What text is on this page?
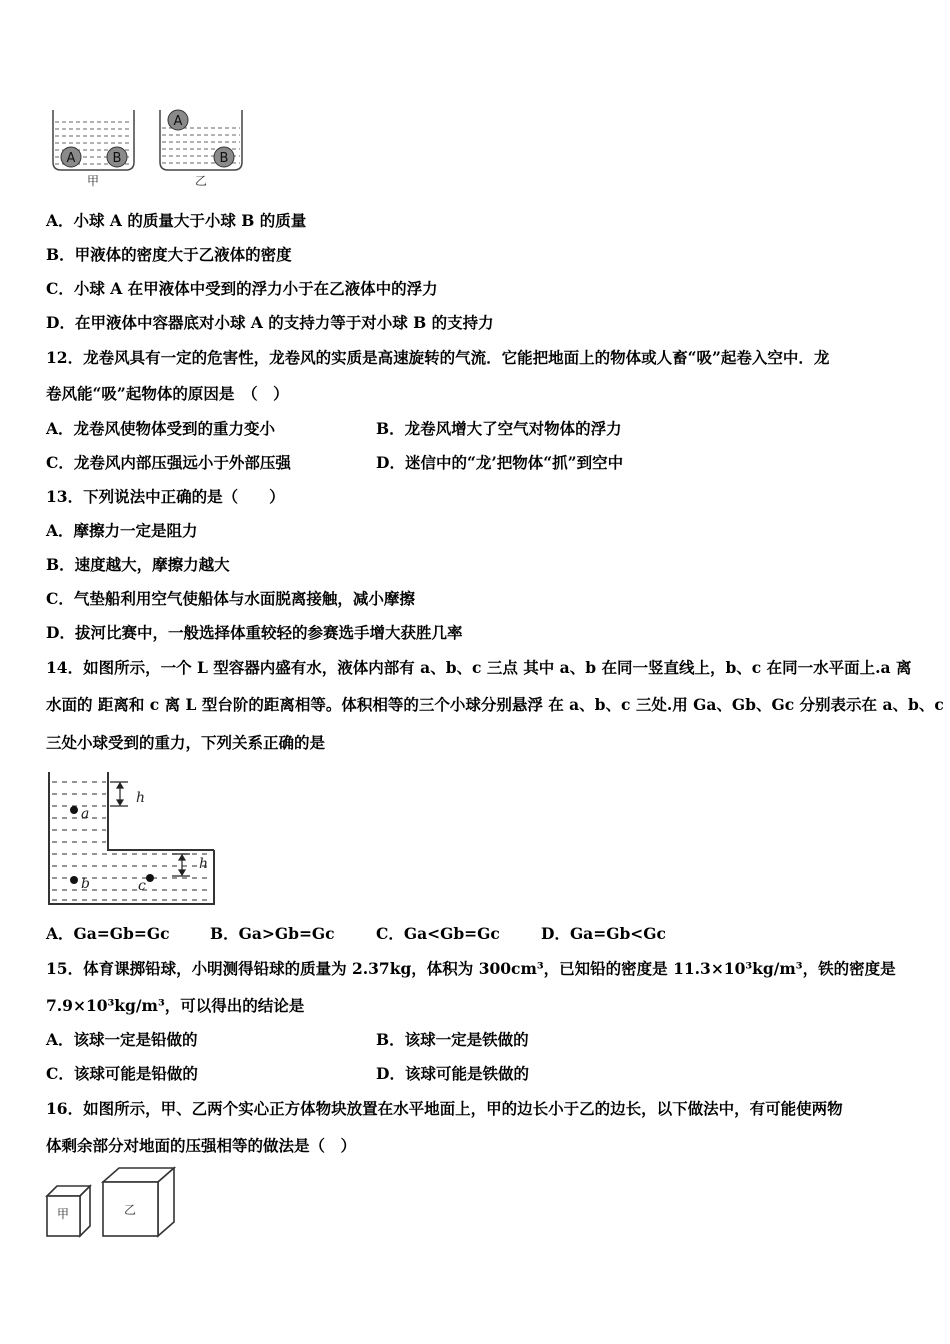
A	B
A
B
甲	乙
A．小球 A 的质量大于小球 B 的质量
B．甲液体的密度大于乙液体的密度
C．小球 A 在甲液体中受到的浮力小于在乙液体中的浮力
D．在甲液体中容器底对小球 A 的支持力等于对小球 B 的支持力
12．龙卷风具有一定的危害性，龙卷风的实质是高速旋转的气流．它能把地面上的物体或人畜“吸”起卷入空中．龙
卷风能“吸”起物体的原因是　（　）
A．龙卷风使物体受到的重力变小	B．龙卷风增大了空气对物体的浮力
C．龙卷风内部压强远小于外部压强	D．迷信中的“龙’把物体“抓”到空中
13．下列说法中正确的是（　　）
A．摩擦力一定是阻力
B．速度越大，摩擦力越大
C．气垫船利用空气使船体与水面脱离接触，减小摩擦
D．拔河比赛中，一般选择体重较轻的参赛选手增大获胜几率
14．如图所示，一个 L 型容器内盛有水，液体内部有 a、b、c 三点 其中 a、b 在同一竖直线上，b、c 在同一水平面上.a 离
水面的 距离和 c 离 L 型台阶的距离相等。体积相等的三个小球分别悬浮 在 a、b、c 三处.用 Ga、Gb、Gc 分别表示在 a、b、c
三处小球受到的重力，下列关系正确的是
a
b	c
h
h
A．Ga=Gb=Gc	B．Ga>Gb=Gc	C．Ga<Gb=Gc	D．Ga=Gb<Gc
15．体育课掷铅球，小明测得铅球的质量为 2.37kg，体积为 300cm³，已知铅的密度是 11.3×10³kg/m³，铁的密度是
7.9×10³kg/m³，可以得出的结论是
A．该球一定是铅做的	B．该球一定是铁做的
C．该球可能是铅做的	D．该球可能是铁做的
16．如图所示，甲、乙两个实心正方体物块放置在水平地面上，甲的边长小于乙的边长，以下做法中，有可能使两物
体剩余部分对地面的压强相等的做法是（　）
甲	乙
